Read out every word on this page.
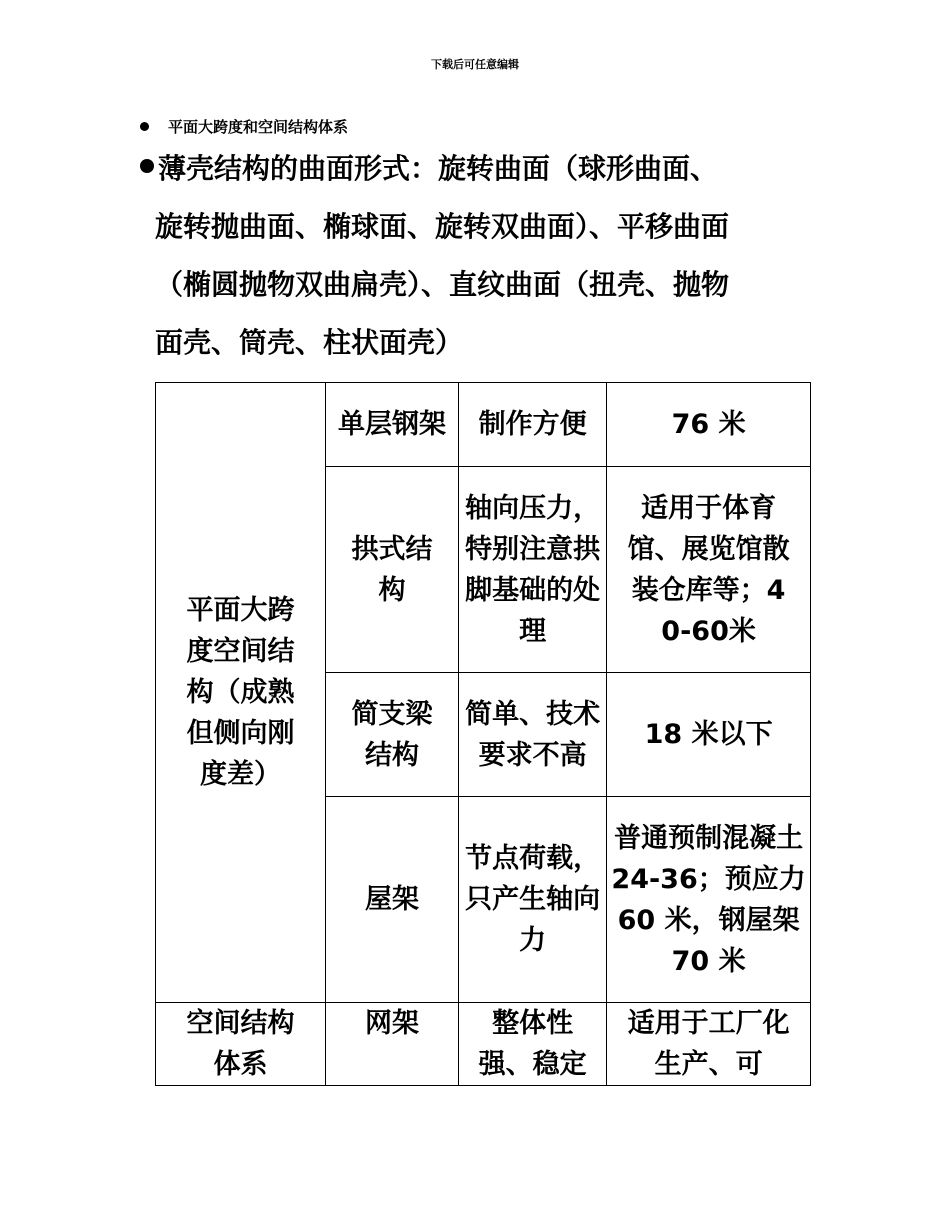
下载后可任意编辑
平面大跨度和空间结构体系
薄壳结构的曲面形式：旋转曲面（球形曲面、
旋转抛曲面、椭球面、旋转双曲面）、平移曲面
（椭圆抛物双曲扁壳）、直纹曲面（扭壳、抛物
面壳、筒壳、柱状面壳）
平面大跨度空间结构（成熟但侧向刚度差）	单层钢架	制作方便	76 米
	拱式结构	轴向压力，特别注意拱脚基础的处理	适用于体育馆、展览馆散装仓库等；40-60米
	简支梁结构	简单、技术要求不高	18 米以下
	屋架	节点荷载，只产生轴向力	普通预制混凝土 24-36；预应力 60 米，钢屋架 70 米
空间结构体系	网架	整体性强、稳定	适用于工厂化生产、可
